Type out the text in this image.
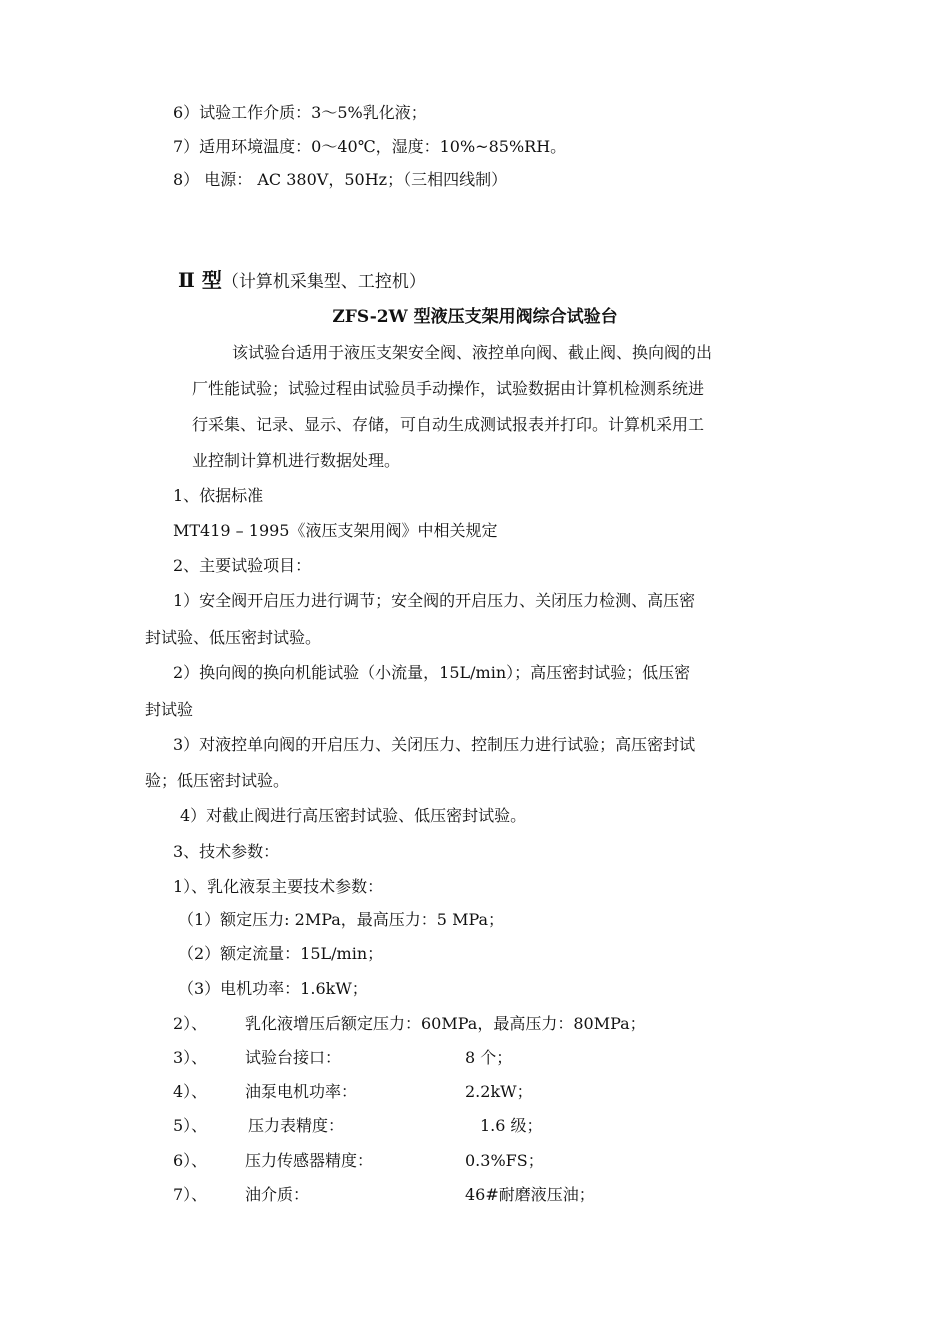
6）试验工作介质：3～5%乳化液；
7）适用环境温度：0～40℃，湿度：10%~85%RH。
8） 电源： AC 380V，50Hz；（三相四线制）
Ⅱ 型（计算机采集型、工控机）
ZFS-2W 型液压支架用阀综合试验台
该试验台适用于液压支架安全阀、液控单向阀、截止阀、换向阀的出
厂性能试验；试验过程由试验员手动操作，试验数据由计算机检测系统进
行采集、记录、显示、存储，可自动生成测试报表并打印。计算机采用工
业控制计算机进行数据处理。
1、依据标准
MT419 – 1995《液压支架用阀》中相关规定
2、主要试验项目：
1）安全阀开启压力进行调节；安全阀的开启压力、关闭压力检测、高压密
封试验、低压密封试验。
2）换向阀的换向机能试验（小流量，15L/min）；高压密封试验；低压密
封试验
3）对液控单向阀的开启压力、关闭压力、控制压力进行试验；高压密封试
验；低压密封试验。
4）对截止阀进行高压密封试验、低压密封试验。
3、技术参数：
1）、乳化液泵主要技术参数：
（1）额定压力: 2MPa，最高压力：5 MPa；
（2）额定流量：15L/min；
（3）电机功率：1.6kW；
2）、 乳化液增压后额定压力：60MPa，最高压力：80MPa；
3）、 试验台接口：	8 个；
4）、 油泵电机功率：	2.2kW；
5）、	压力表精度：	1.6 级；
6）、 压力传感器精度：	0.3%FS；
7）、 油介质：	46#耐磨液压油；
